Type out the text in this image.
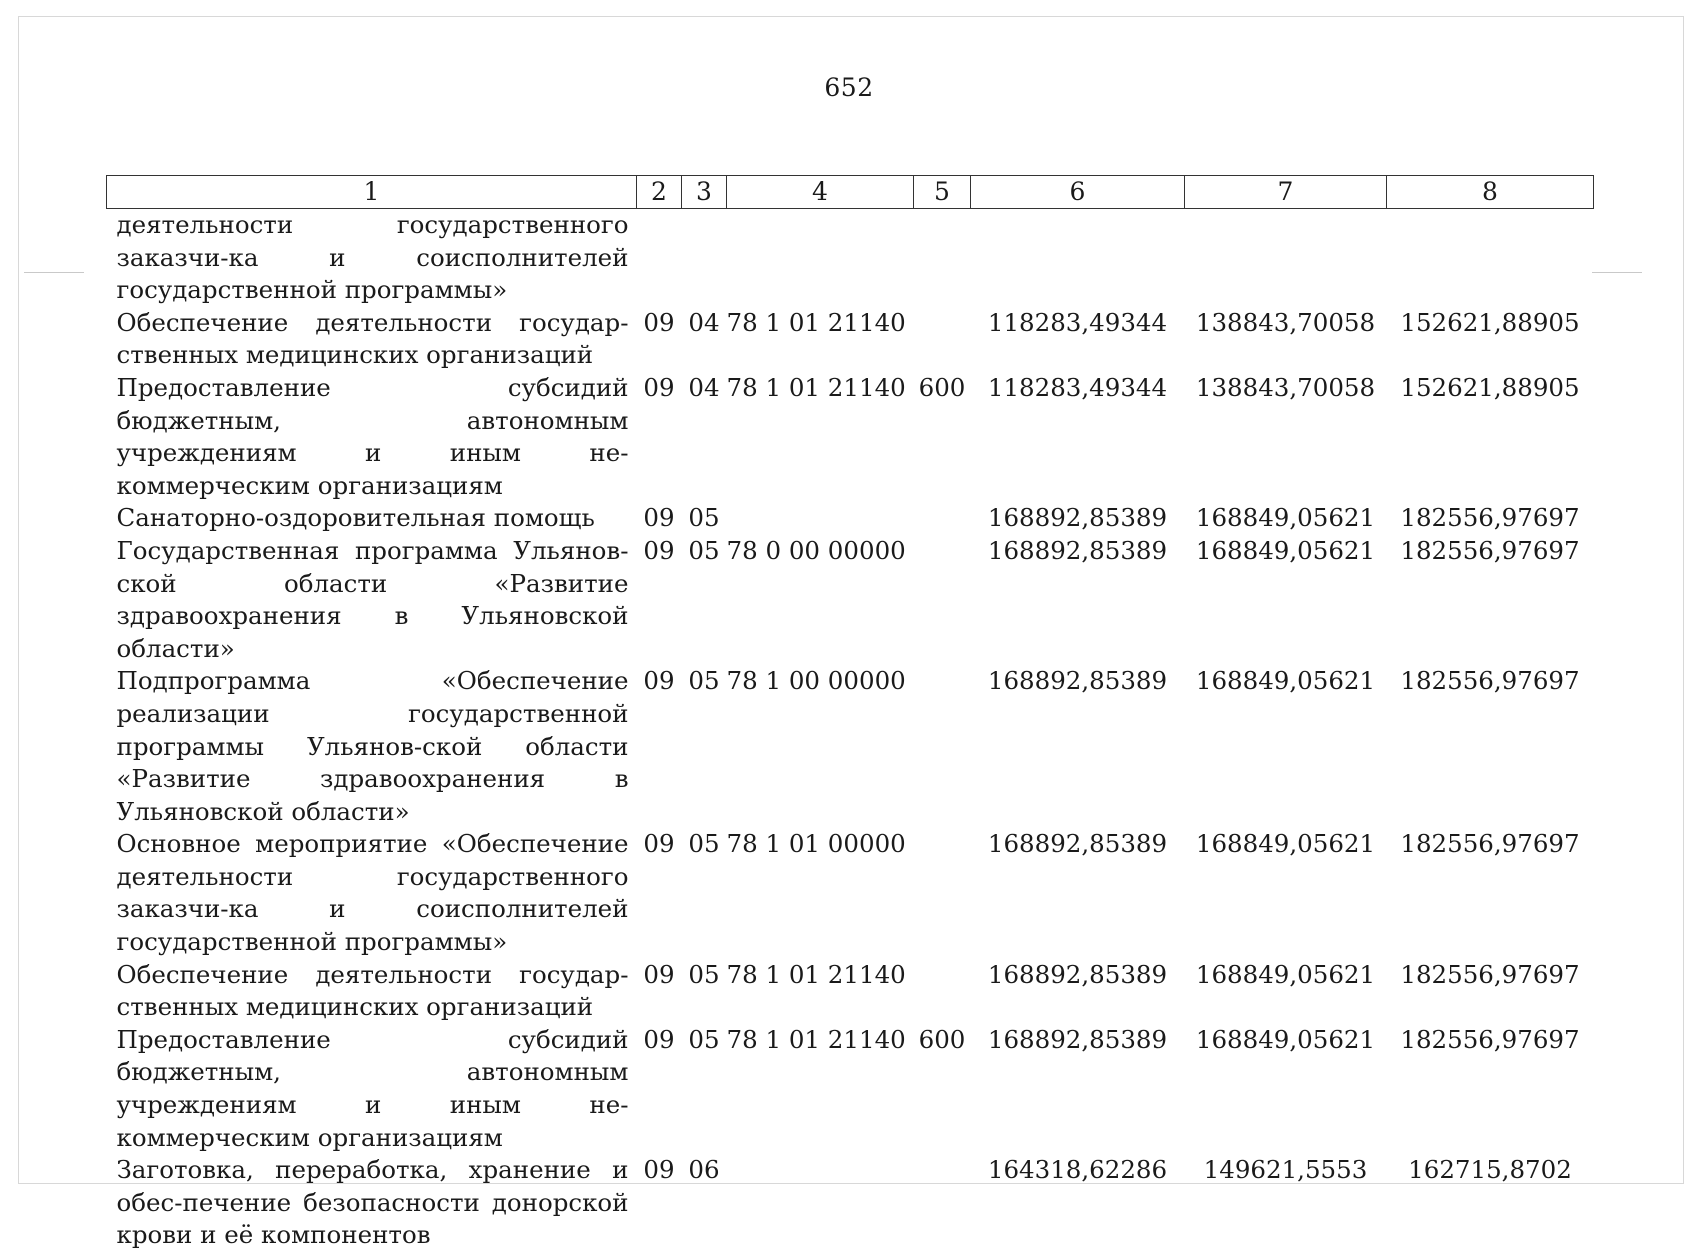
652
1	2	3	4	5	6	7	8
деятельности государственного заказчи-ка и соисполнителей государственной программы»							
Обеспечение деятельности государ-ственных медицинских организаций	09	04	78 1 01 21140		118283,49344	138843,70058	152621,88905
Предоставление субсидий бюджетным, автономным учреждениям и иным не-коммерческим организациям	09	04	78 1 01 21140	600	118283,49344	138843,70058	152621,88905
Санаторно-оздоровительная помощь	09	05			168892,85389	168849,05621	182556,97697
Государственная программа Ульянов-ской области «Развитие здравоохранения в Ульяновской области»	09	05	78 0 00 00000		168892,85389	168849,05621	182556,97697
Подпрограмма «Обеспечение реализации государственной программы Ульянов-ской области «Развитие здравоохранения в Ульяновской области»	09	05	78 1 00 00000		168892,85389	168849,05621	182556,97697
Основное мероприятие «Обеспечение деятельности государственного заказчи-ка и соисполнителей государственной программы»	09	05	78 1 01 00000		168892,85389	168849,05621	182556,97697
Обеспечение деятельности государ-ственных медицинских организаций	09	05	78 1 01 21140		168892,85389	168849,05621	182556,97697
Предоставление субсидий бюджетным, автономным учреждениям и иным не-коммерческим организациям	09	05	78 1 01 21140	600	168892,85389	168849,05621	182556,97697
Заготовка, переработка, хранение и обес-печение безопасности донорской крови и её компонентов	09	06			164318,62286	149621,5553	162715,8702
